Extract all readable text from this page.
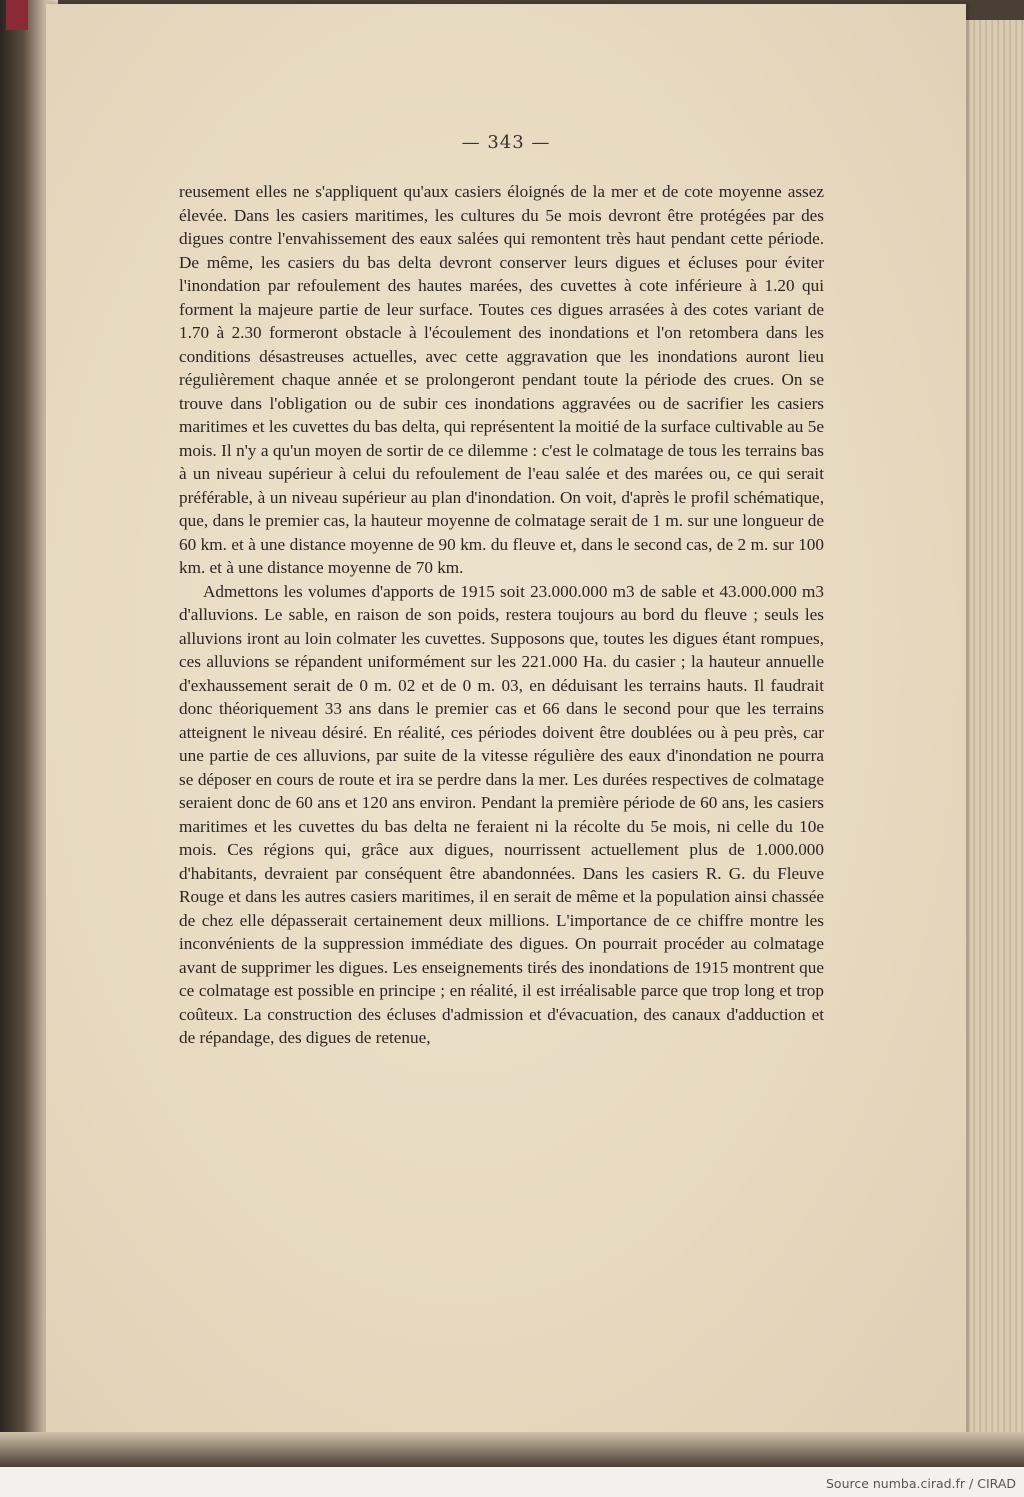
— 343 —

reusement elles ne s'appliquent qu'aux casiers éloignés de la mer et de cote moyenne assez élevée. Dans les casiers maritimes, les cultures du 5e mois devront être protégées par des digues contre l'envahissement des eaux salées qui remontent très haut pendant cette période. De même, les casiers du bas delta devront conserver leurs digues et écluses pour éviter l'inondation par refoulement des hautes marées, des cuvettes à cote inférieure à 1.20 qui forment la majeure partie de leur surface. Toutes ces digues arrasées à des cotes variant de 1.70 à 2.30 formeront obstacle à l'écoulement des inondations et l'on retombera dans les conditions désastreuses actuelles, avec cette aggravation que les inondations auront lieu régulièrement chaque année et se prolongeront pendant toute la période des crues. On se trouve dans l'obligation ou de subir ces inondations aggravées ou de sacrifier les casiers maritimes et les cuvettes du bas delta, qui représentent la moitié de la surface cultivable au 5e mois. Il n'y a qu'un moyen de sortir de ce dilemme : c'est le colmatage de tous les terrains bas à un niveau supérieur à celui du refoulement de l'eau salée et des marées ou, ce qui serait préférable, à un niveau supérieur au plan d'inondation. On voit, d'après le profil schématique, que, dans le premier cas, la hauteur moyenne de colmatage serait de 1 m. sur une longueur de 60 km. et à une distance moyenne de 90 km. du fleuve et, dans le second cas, de 2 m. sur 100 km. et à une distance moyenne de 70 km.

Admettons les volumes d'apports de 1915 soit 23.000.000 m3 de sable et 43.000.000 m3 d'alluvions. Le sable, en raison de son poids, restera toujours au bord du fleuve ; seuls les alluvions iront au loin colmater les cuvettes. Supposons que, toutes les digues étant rompues, ces alluvions se répandent uniformément sur les 221.000 Ha. du casier ; la hauteur annuelle d'exhaussement serait de 0 m. 02 et de 0 m. 03, en déduisant les terrains hauts. Il faudrait donc théoriquement 33 ans dans le premier cas et 66 dans le second pour que les terrains atteignent le niveau désiré. En réalité, ces périodes doivent être doublées ou à peu près, car une partie de ces alluvions, par suite de la vitesse régulière des eaux d'inondation ne pourra se déposer en cours de route et ira se perdre dans la mer. Les durées respectives de colmatage seraient donc de 60 ans et 120 ans environ. Pendant la première période de 60 ans, les casiers maritimes et les cuvettes du bas delta ne feraient ni la récolte du 5e mois, ni celle du 10e mois. Ces régions qui, grâce aux digues, nourrissent actuellement plus de 1.000.000 d'habitants, devraient par conséquent être abandonnées. Dans les casiers R. G. du Fleuve Rouge et dans les autres casiers maritimes, il en serait de même et la population ainsi chassée de chez elle dépasserait certainement deux millions. L'importance de ce chiffre montre les inconvénients de la suppression immédiate des digues. On pourrait procéder au colmatage avant de supprimer les digues. Les enseignements tirés des inondations de 1915 montrent que ce colmatage est possible en principe ; en réalité, il est irréalisable parce que trop long et trop coûteux. La construction des écluses d'admission et d'évacuation, des canaux d'adduction et de répandage, des digues de retenue,

Source numba.cirad.fr / CIRAD
